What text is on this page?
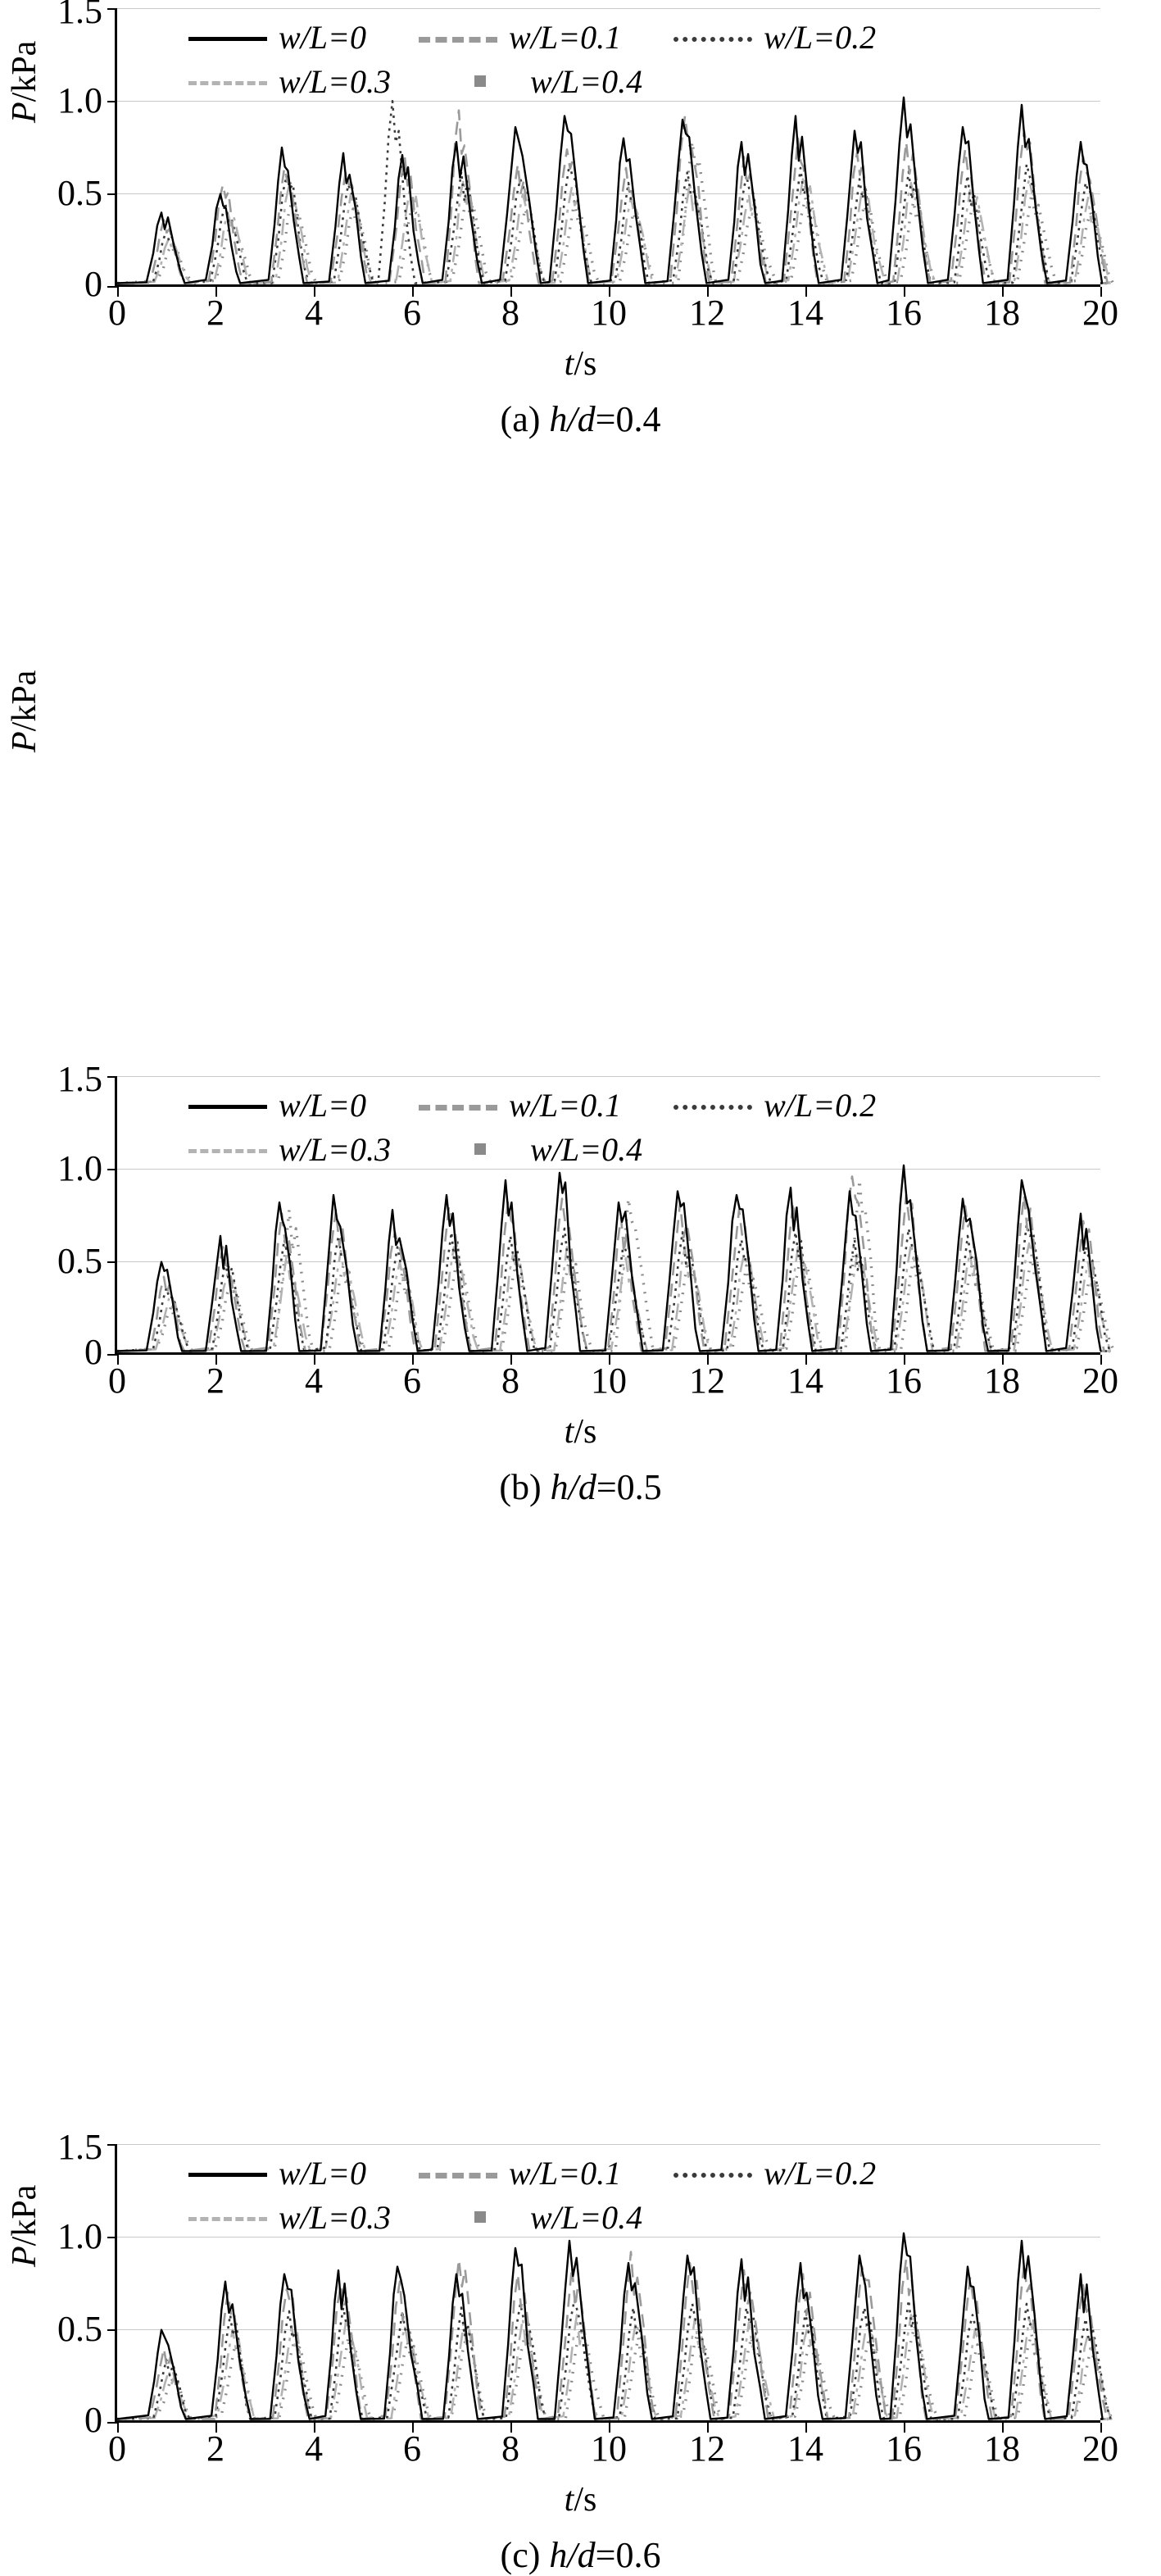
P/kPa
1.5
1.0
0.5
0
0 2 4 6 8 10 12 14 16 18 20
w/L=0	w/L=0.1	w/L=0.2
w/L=0.3	w/L=0.4
t/s
(a) h/d=0.4
P/kPa
1.5
1.0
0.5
0
0 2 4 6 8 10 12 14 16 18 20
w/L=0	w/L=0.1	w/L=0.2
w/L=0.3	w/L=0.4
t/s
(b) h/d=0.5
P/kPa
1.5
1.0
0.5
0
0 2 4 6 8 10 12 14 16 18 20
w/L=0	w/L=0.1	w/L=0.2
w/L=0.3	w/L=0.4
t/s
(c) h/d=0.6
